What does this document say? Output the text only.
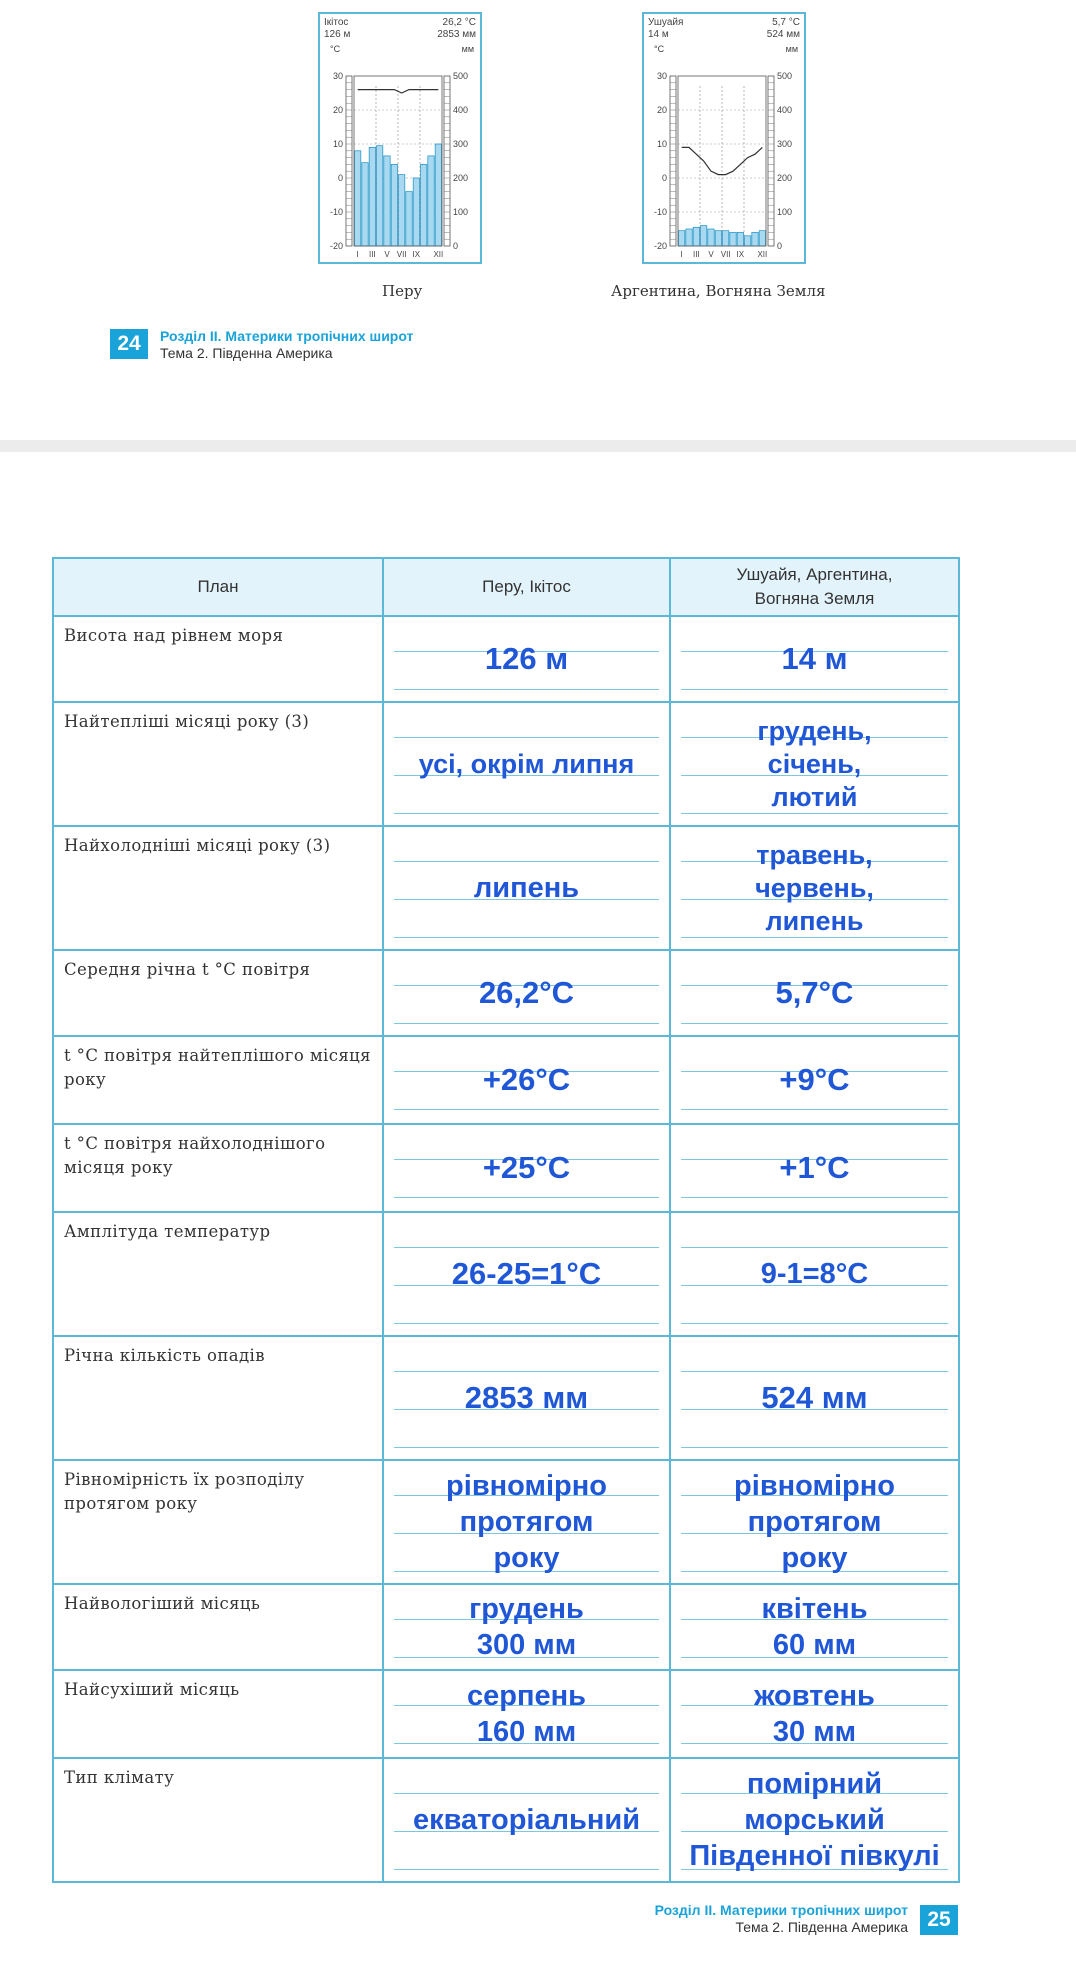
Ікітос
126 м
26,2 °C
2853 мм
°C	мм
30
20
10
0
-10
-20
500
400
300
200
100
0
I III V VII IX XII
Ушуайя
14 м
5,7 °C
524 мм
°C	мм
30
20
10
0
-10
-20
500
400
300
200
100
0
I III V VII IX XII
Перу	Аргентина, Вогняна Земля
24	Розділ ІІ. Материки тропічних широт
Тема 2. Південна Америка
План	Перу, Ікітос	Ушуайя, Аргентина,
Вогняна Земля
Висота над рівнем моря	126 м	14 м

Найтепліші місяці року (3)	усі, окрім липня	грудень,
січень,
лютий

Найхолодніші місяці року (3)	липень	травень,
червень,
липень

Середня річна t °С повітря	26,2°С	5,7°С

t °С повітря найтеплішого місяця року	+26°С	+9°С

t °С повітря найхолоднішого місяця року	+25°С	+1°С

Амплітуда температур	26-25=1°С	9-1=8°С

Річна кількість опадів	2853 мм	524 мм

Рівномірність їх розподілу протягом року	рівномірно
протягом
року	рівномірно
протягом
року

Найвологіший місяць	грудень
300 мм	квітень
60 мм

Найсухіший місяць	серпень
160 мм	жовтень
30 мм

Тип клімату	екваторіальний	помірний
морський
Південної півкулі
Розділ ІІ. Материки тропічних широт
Тема 2. Південна Америка 25
